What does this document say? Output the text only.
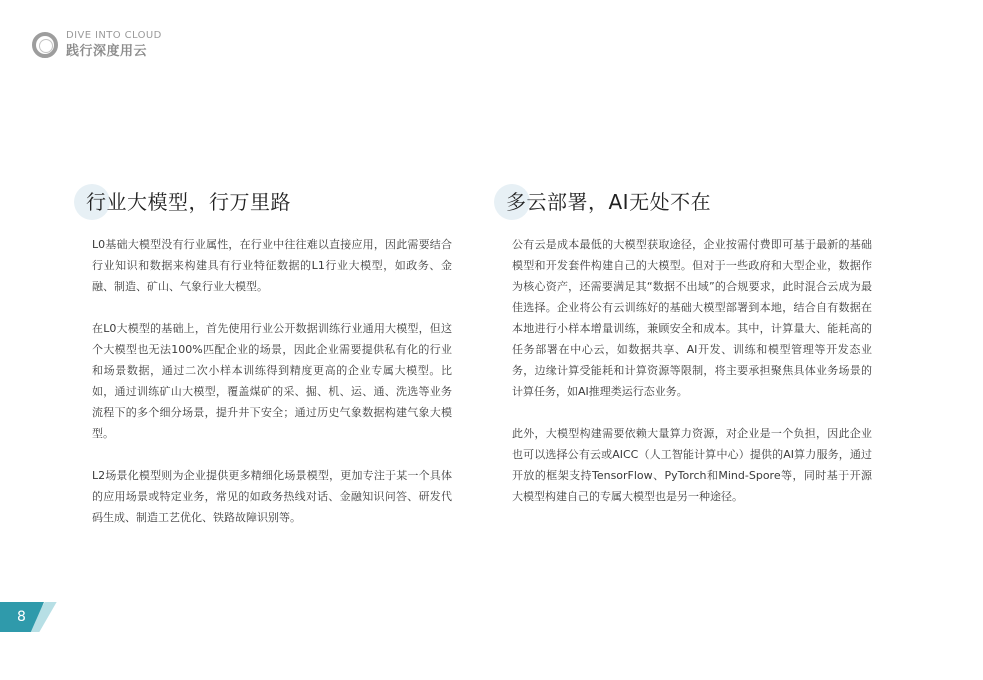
DIVE INTO CLOUD
践行深度用云
行业大模型，行万里路

L0基础大模型没有行业属性，在行业中往往难以直接应用，因此需要结合行业知识和数据来构建具有行业特征数据的L1行业大模型，如政务、金融、制造、矿山、气象行业大模型。

在L0大模型的基础上，首先使用行业公开数据训练行业通用大模型，但这个大模型也无法100%匹配企业的场景，因此企业需要提供私有化的行业和场景数据，通过二次小样本训练得到精度更高的企业专属大模型。比如，通过训练矿山大模型，覆盖煤矿的采、掘、机、运、通、洗选等业务流程下的多个细分场景，提升井下安全；通过历史气象数据构建气象大模型。

L2场景化模型则为企业提供更多精细化场景模型，更加专注于某一个具体的应用场景或特定业务，常见的如政务热线对话、金融知识问答、研发代码生成、制造工艺优化、铁路故障识别等。

多云部署，AI无处不在

公有云是成本最低的大模型获取途径，企业按需付费即可基于最新的基础模型和开发套件构建自己的大模型。但对于一些政府和大型企业，数据作为核心资产，还需要满足其“数据不出域”的合规要求，此时混合云成为最佳选择。企业将公有云训练好的基础大模型部署到本地，结合自有数据在本地进行小样本增量训练，兼顾安全和成本。其中，计算量大、能耗高的任务部署在中心云，如数据共享、AI开发、训练和模型管理等开发态业务，边缘计算受能耗和计算资源等限制，将主要承担聚焦具体业务场景的计算任务，如AI推理类运行态业务。

此外，大模型构建需要依赖大量算力资源，对企业是一个负担，因此企业也可以选择公有云或AICC（人工智能计算中心）提供的AI算力服务，通过开放的框架支持TensorFlow、PyTorch和Mind-Spore等，同时基于开源大模型构建自己的专属大模型也是另一种途径。

8
